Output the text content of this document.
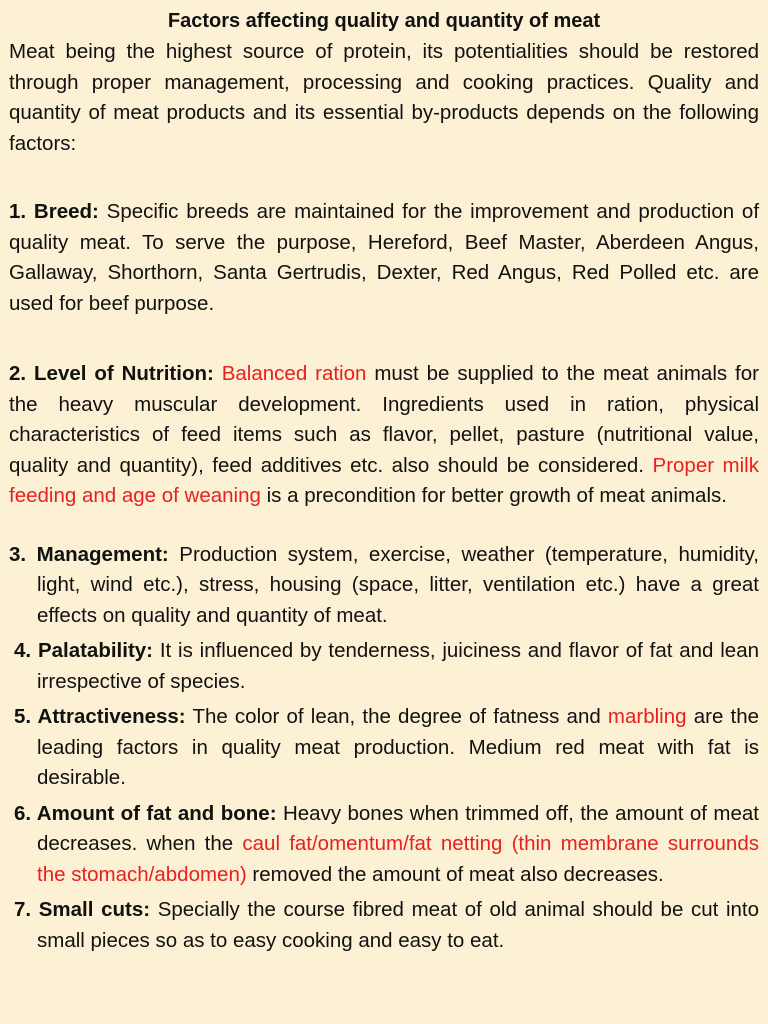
Factors affecting quality and quantity of meat

Meat being the highest source of protein, its potentialities should be restored through proper management, processing and cooking practices. Quality and quantity of meat products and its essential by-products depends on the following factors:

1. Breed: Specific breeds are maintained for the improvement and production of quality meat. To serve the purpose, Hereford, Beef Master, Aberdeen Angus, Gallaway, Shorthorn, Santa Gertrudis, Dexter, Red Angus, Red Polled etc. are used for beef purpose.

2. Level of Nutrition: Balanced ration must be supplied to the meat animals for the heavy muscular development. Ingredients used in ration, physical characteristics of feed items such as flavor, pellet, pasture (nutritional value, quality and quantity), feed additives etc. also should be considered. Proper milk feeding and age of weaning is a precondition for better growth of meat animals.

3. Management: Production system, exercise, weather (temperature, humidity, light, wind etc.), stress, housing (space, litter, ventilation etc.) have a great effects on quality and quantity of meat.

4. Palatability: It is influenced by tenderness, juiciness and flavor of fat and lean irrespective of species.

5. Attractiveness: The color of lean, the degree of fatness and marbling are the leading factors in quality meat production. Medium red meat with fat is desirable.

6. Amount of fat and bone: Heavy bones when trimmed off, the amount of meat decreases. when the caul fat/omentum/fat netting (thin membrane surrounds the stomach/abdomen) removed the amount of meat also decreases.

7. Small cuts: Specially the course fibred meat of old animal should be cut into small pieces so as to easy cooking and easy to eat.
